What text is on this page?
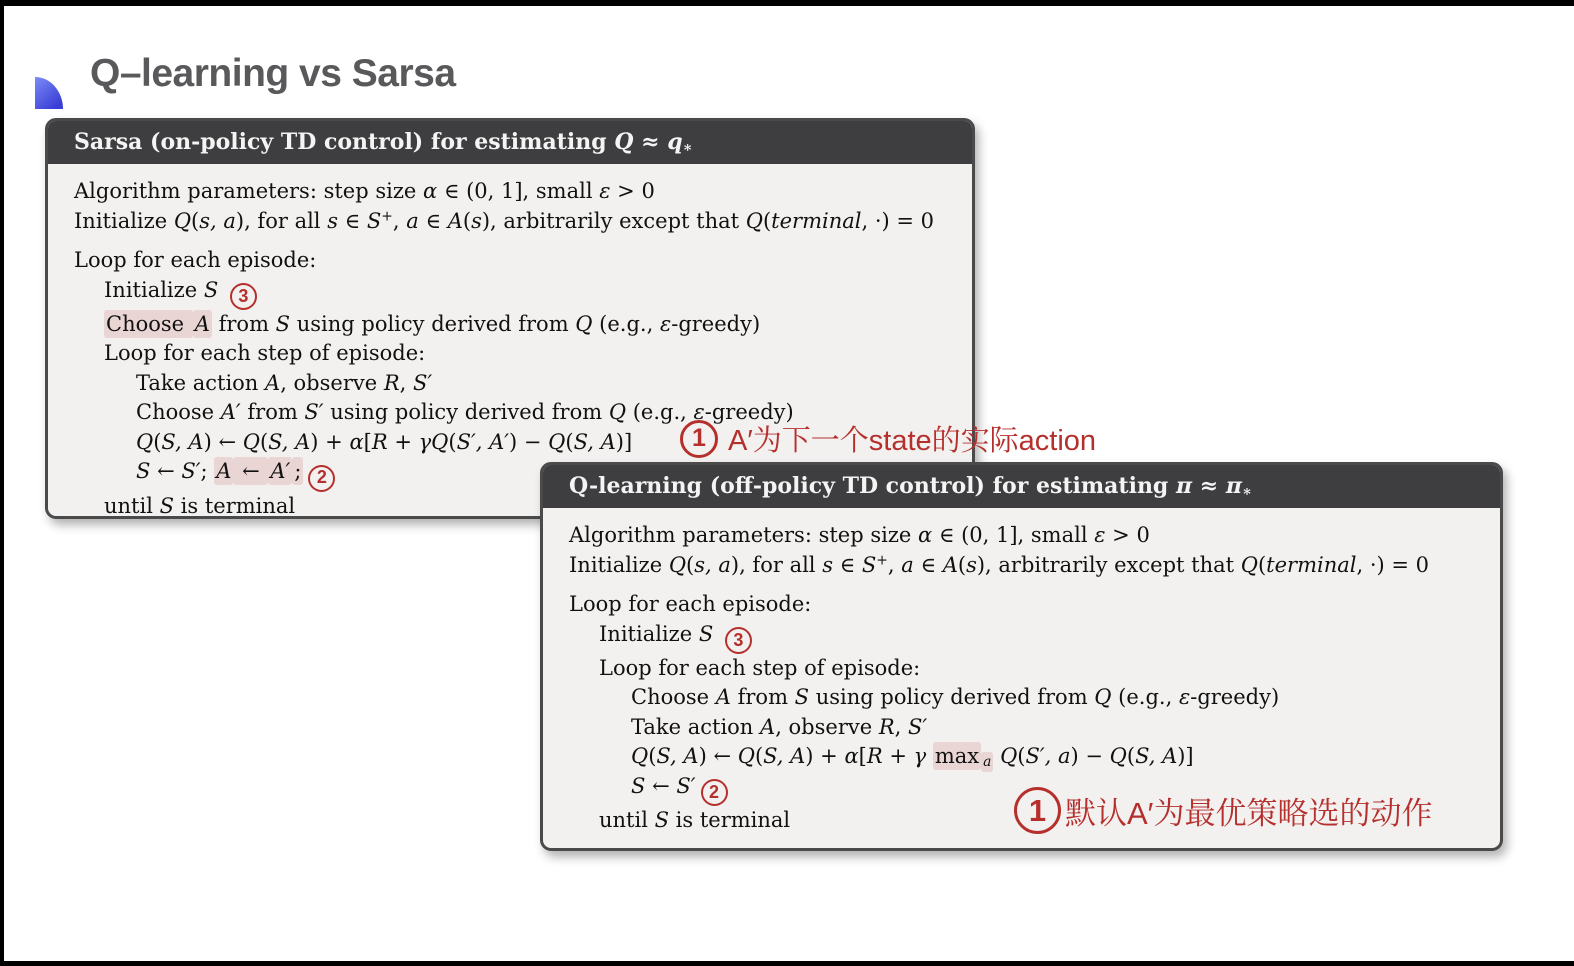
Q–learning vs Sarsa
Sarsa (on-policy TD control) for estimating $Q \approx q_∗$
Algorithm parameters: step size α ∈ (0, 1], small ε > 0
Initialize Q(s, a), for all s ∈ S+, a ∈ A(s), arbitrarily except that Q(terminal, ·) = 0
Loop for each episode:
Initialize S 3
Choose A from S using policy derived from Q (e.g., ε-greedy)
Loop for each step of episode:
Take action A, observe R, S′
Choose A′ from S′ using policy derived from Q (e.g., ε-greedy)
Q(S, A) ← Q(S, A) + α[R + γQ(S′, A′) − Q(S, A)]
S ← S′; A ← A′ ; 2
until S is terminal
Q-learning (off-policy TD control) for estimating $\pi \approx \pi_∗$
Algorithm parameters: step size α ∈ (0, 1], small ε > 0
Initialize Q(s, a), for all s ∈ S+, a ∈ A(s), arbitrarily except that Q(terminal, ·) = 0
Loop for each episode:
Initialize S 3
Loop for each step of episode:
Choose A from S using policy derived from Q (e.g., ε-greedy)
Take action A, observe R, S′
Q(S, A) ← Q(S, A) + α[R + γ max $_a$ Q(S′, a) − Q(S, A)]
S ← S′ 2
until S is terminal
1 A′为下一个state的实际action
1 默认A′为最优策略选的动作
